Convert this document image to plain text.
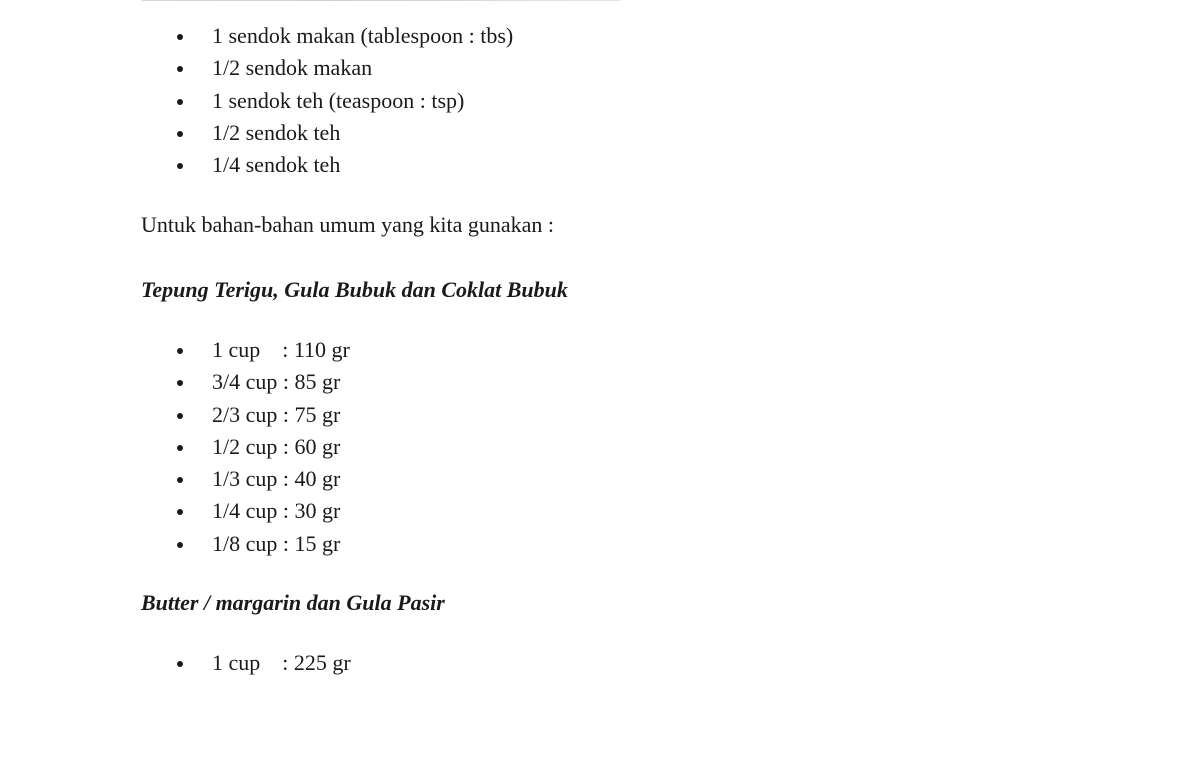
1 sendok makan (tablespoon : tbs)

1/2 sendok makan

1 sendok teh (teaspoon : tsp)

1/2 sendok teh

1/4 sendok teh

Untuk bahan-bahan umum yang kita gunakan :

Tepung Terigu, Gula Bubuk dan Coklat Bubuk

1 cup    : 110 gr

3/4 cup : 85 gr

2/3 cup : 75 gr

1/2 cup : 60 gr

1/3 cup : 40 gr

1/4 cup : 30 gr

1/8 cup : 15 gr

Butter / margarin dan Gula Pasir

1 cup    : 225 gr
